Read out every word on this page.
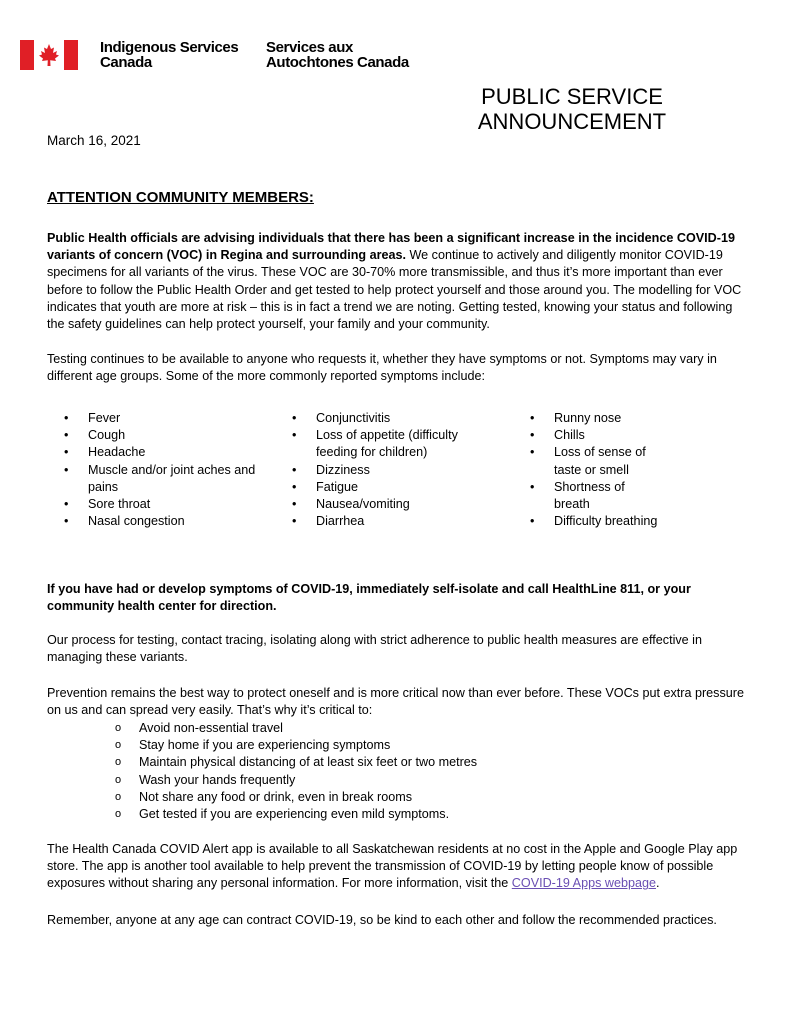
Indigenous Services
Canada
Services aux
Autochtones Canada
PUBLIC SERVICE
ANNOUNCEMENT
March 16, 2021
ATTENTION COMMUNITY MEMBERS:

Public Health officials are advising individuals that there has been a significant increase in the incidence COVID-19 variants of concern (VOC) in Regina and surrounding areas. We continue to actively and diligently monitor COVID-19 specimens for all variants of the virus. These VOC are 30-70% more transmissible, and thus it’s more important than ever before to follow the Public Health Order and get tested to help protect yourself and those around you. The modelling for VOC indicates that youth are more at risk – this is in fact a trend we are noting. Getting tested, knowing your status and following the safety guidelines can help protect yourself, your family and your community.

Testing continues to be available to anyone who requests it, whether they have symptoms or not. Symptoms may vary in different age groups. Some of the more commonly reported symptoms include:

• Fever
• Cough
• Headache
• Muscle and/or joint aches and pains
• Sore throat
• Nasal congestion
• Conjunctivitis
• Loss of appetite (difficulty feeding for children)
• Dizziness
• Fatigue
• Nausea/vomiting
• Diarrhea
• Runny nose
• Chills
• Loss of sense of taste or smell
• Shortness of breath
• Difficulty breathing

If you have had or develop symptoms of COVID-19, immediately self-isolate and call HealthLine 811, or your community health center for direction.

Our process for testing, contact tracing, isolating along with strict adherence to public health measures are effective in managing these variants.

Prevention remains the best way to protect oneself and is more critical now than ever before. These VOCs put extra pressure on us and can spread very easily. That’s why it’s critical to:

o Avoid non-essential travel
o Stay home if you are experiencing symptoms
o Maintain physical distancing of at least six feet or two metres
o Wash your hands frequently
o Not share any food or drink, even in break rooms
o Get tested if you are experiencing even mild symptoms.

The Health Canada COVID Alert app is available to all Saskatchewan residents at no cost in the Apple and Google Play app store. The app is another tool available to help prevent the transmission of COVID-19 by letting people know of possible exposures without sharing any personal information. For more information, visit the COVID-19 Apps webpage.

Remember, anyone at any age can contract COVID-19, so be kind to each other and follow the recommended practices.
